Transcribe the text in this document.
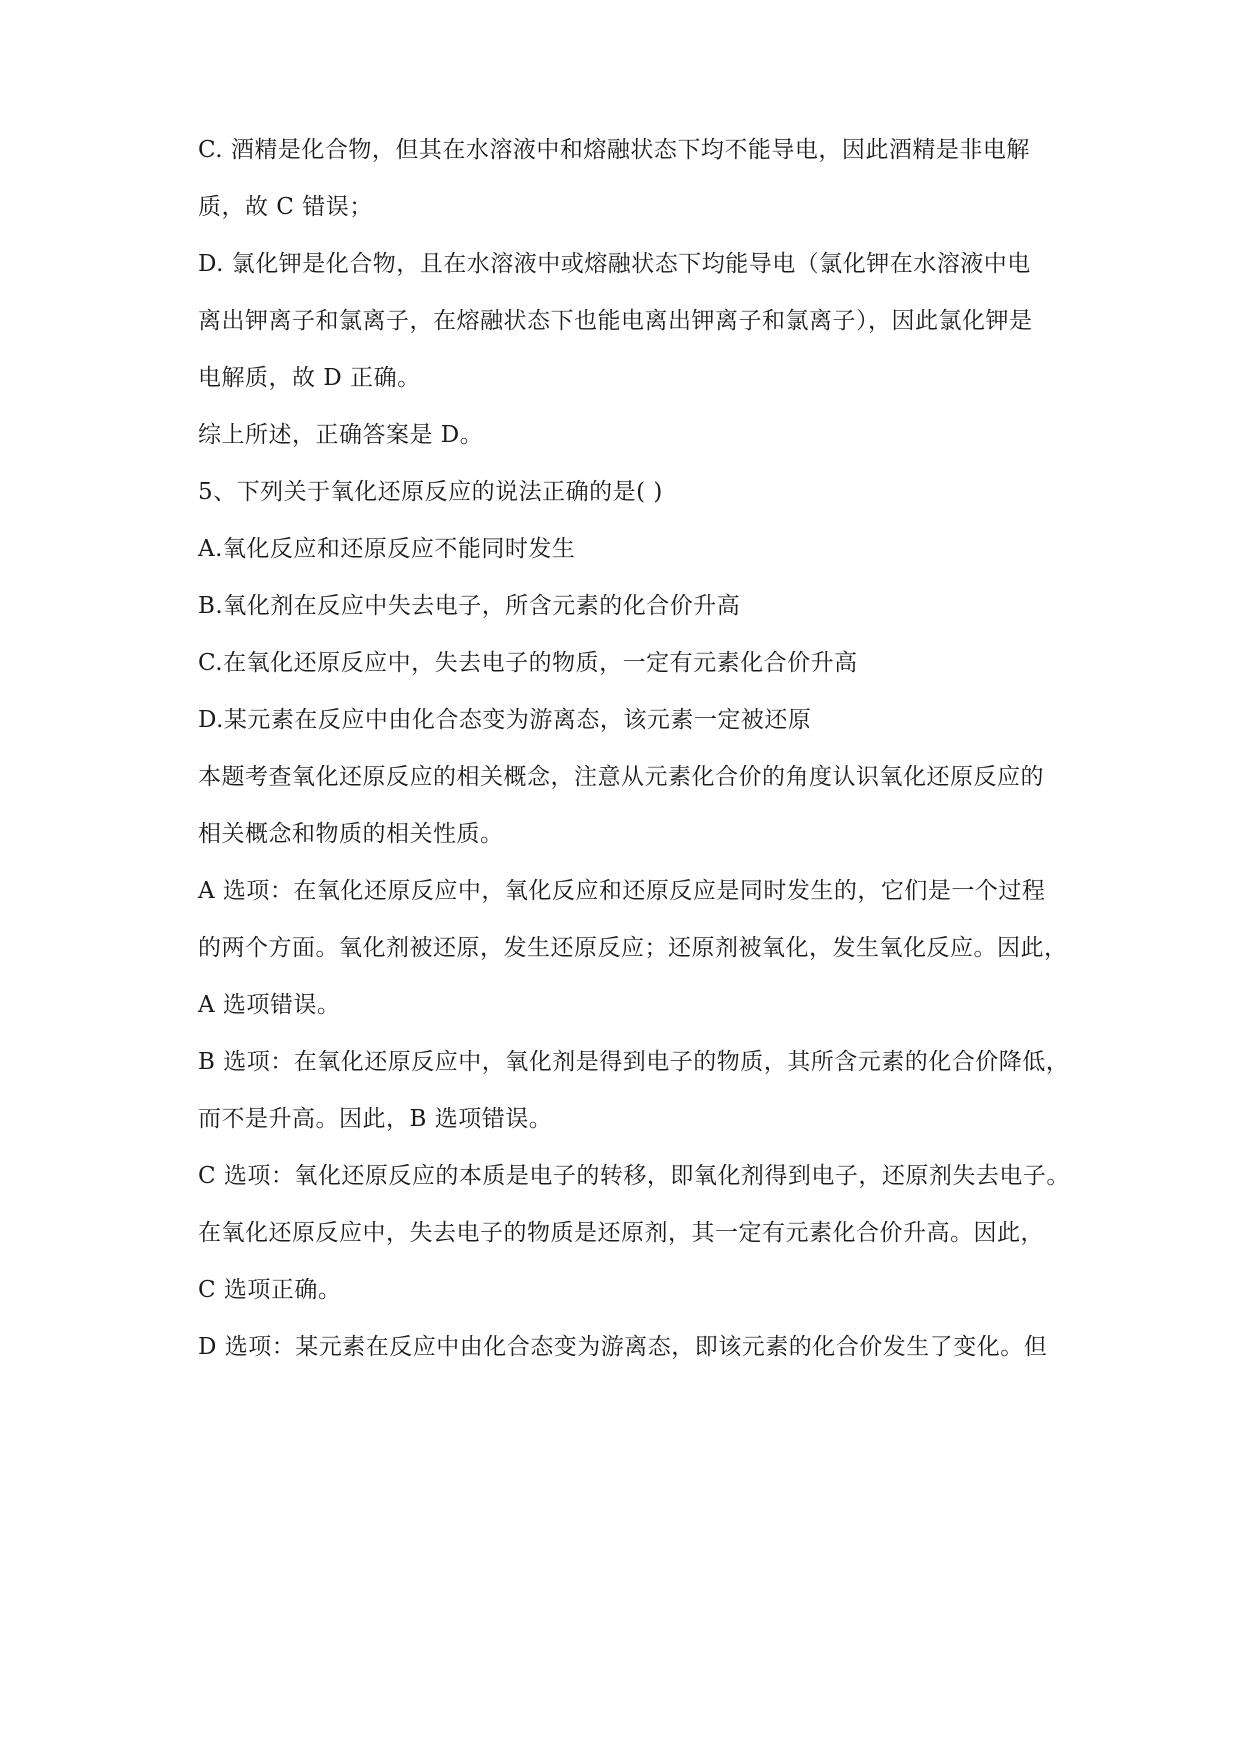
C. 酒精是化合物，但其在水溶液中和熔融状态下均不能导电，因此酒精是非电解
质，故 C 错误；
D. 氯化钾是化合物，且在水溶液中或熔融状态下均能导电（氯化钾在水溶液中电
离出钾离子和氯离子，在熔融状态下也能电离出钾离子和氯离子），因此氯化钾是
电解质，故 D 正确。
综上所述，正确答案是 D。
5、下列关于氧化还原反应的说法正确的是( )
A.氧化反应和还原反应不能同时发生
B.氧化剂在反应中失去电子，所含元素的化合价升高
C.在氧化还原反应中，失去电子的物质，一定有元素化合价升高
D.某元素在反应中由化合态变为游离态，该元素一定被还原
本题考查氧化还原反应的相关概念，注意从元素化合价的角度认识氧化还原反应的
相关概念和物质的相关性质。
A 选项：在氧化还原反应中，氧化反应和还原反应是同时发生的，它们是一个过程
的两个方面。氧化剂被还原，发生还原反应；还原剂被氧化，发生氧化反应。因此，
A 选项错误。
B 选项：在氧化还原反应中，氧化剂是得到电子的物质，其所含元素的化合价降低，
而不是升高。因此，B 选项错误。
C 选项：氧化还原反应的本质是电子的转移，即氧化剂得到电子，还原剂失去电子。
在氧化还原反应中，失去电子的物质是还原剂，其一定有元素化合价升高。因此，
C 选项正确。
D 选项：某元素在反应中由化合态变为游离态，即该元素的化合价发生了变化。但
